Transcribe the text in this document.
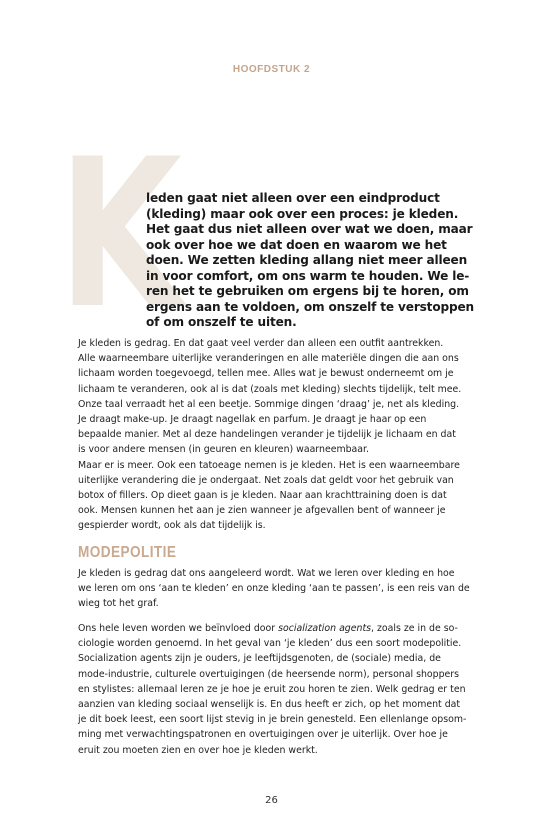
HOOFDSTUK 2
K

leden gaat niet alleen over een eindproduct
(kleding) maar ook over een proces: je kleden.
Het gaat dus niet alleen over wat we doen, maar
ook over hoe we dat doen en waarom we het
doen. We zetten kleding allang niet meer alleen
in voor comfort, om ons warm te houden. We le-
ren het te gebruiken om ergens bij te horen, om
ergens aan te voldoen, om onszelf te verstoppen
of om onszelf te uiten.

Je kleden is gedrag. En dat gaat veel verder dan alleen een outfit aantrekken.
Alle waarneembare uiterlijke veranderingen en alle materiële dingen die aan ons
lichaam worden toegevoegd, tellen mee. Alles wat je bewust onderneemt om je
lichaam te veranderen, ook al is dat (zoals met kleding) slechts tijdelijk, telt mee.
Onze taal verraadt het al een beetje. Sommige dingen ‘draag’ je, net als kleding.
Je draagt make-up. Je draagt nagellak en parfum. Je draagt je haar op een
bepaalde manier. Met al deze handelingen verander je tijdelijk je lichaam en dat
is voor andere mensen (in geuren en kleuren) waarneembaar.
Maar er is meer. Ook een tatoeage nemen is je kleden. Het is een waarneembare
uiterlijke verandering die je ondergaat. Net zoals dat geldt voor het gebruik van
botox of fillers. Op dieet gaan is je kleden. Naar aan krachttraining doen is dat
ook. Mensen kunnen het aan je zien wanneer je afgevallen bent of wanneer je
gespierder wordt, ook als dat tijdelijk is.

MODEPOLITIE

Je kleden is gedrag dat ons aangeleerd wordt. Wat we leren over kleding en hoe
we leren om ons ‘aan te kleden’ en onze kleding ‘aan te passen’, is een reis van de
wieg tot het graf.

Ons hele leven worden we beïnvloed door socialization agents, zoals ze in de so-
ciologie worden genoemd. In het geval van ‘je kleden’ dus een soort modepolitie.
Socialization agents zijn je ouders, je leeftijdsgenoten, de (sociale) media, de
mode-industrie, culturele overtuigingen (de heersende norm), personal shoppers
en stylistes: allemaal leren ze je hoe je eruit zou horen te zien. Welk gedrag er ten
aanzien van kleding sociaal wenselijk is. En dus heeft er zich, op het moment dat
je dit boek leest, een soort lijst stevig in je brein genesteld. Een ellenlange opsom-
ming met verwachtingspatronen en overtuigingen over je uiterlijk. Over hoe je
eruit zou moeten zien en over hoe je kleden werkt.

26
